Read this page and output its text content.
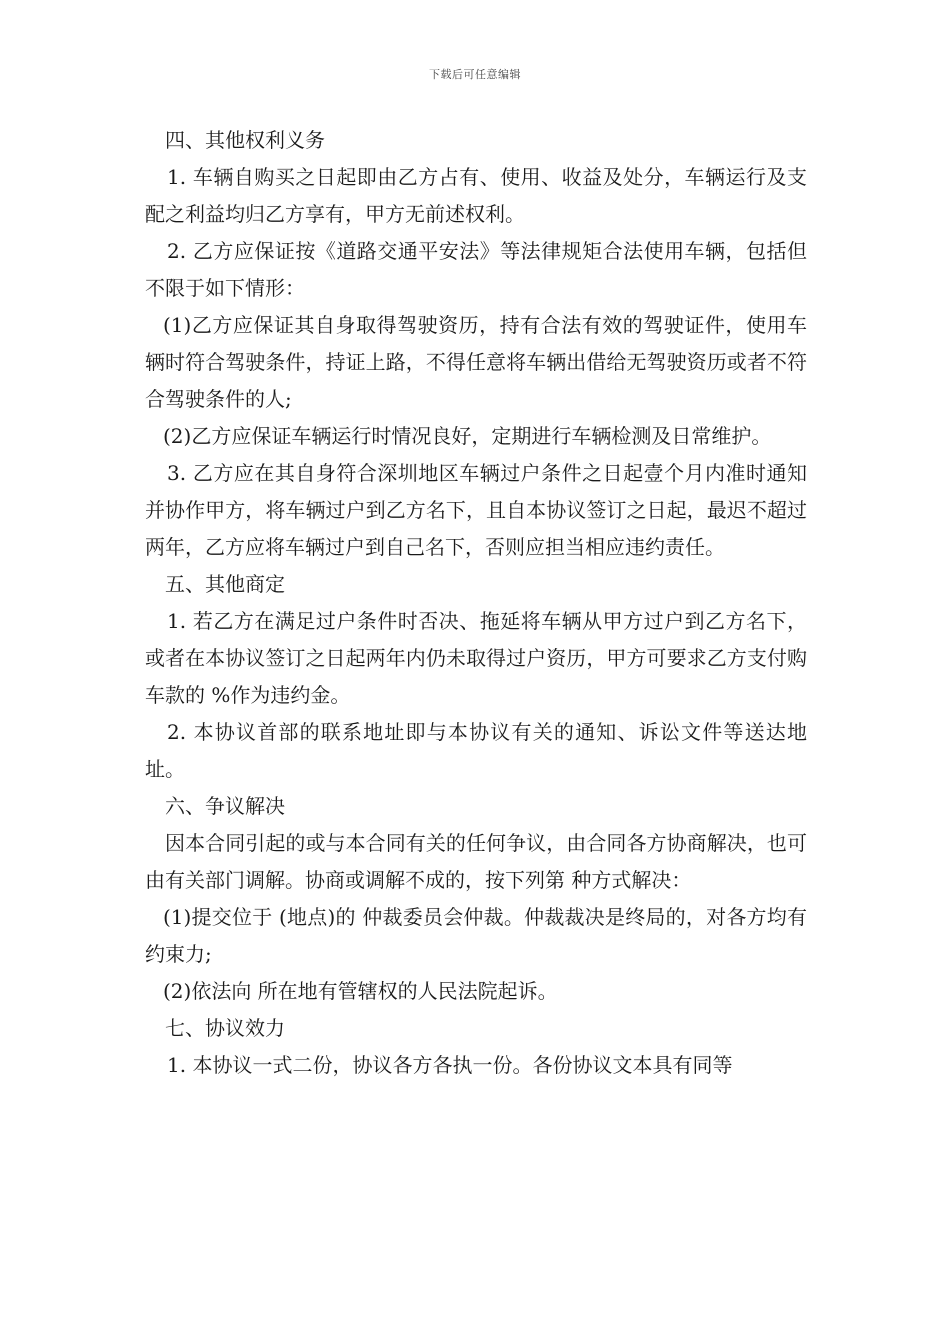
下载后可任意编辑

四、其他权利义务

1. 车辆自购买之日起即由乙方占有、使用、收益及处分，车辆运行及支配之利益均归乙方享有，甲方无前述权利。

2. 乙方应保证按《道路交通平安法》等法律规矩合法使用车辆，包括但不限于如下情形：

(1)乙方应保证其自身取得驾驶资历，持有合法有效的驾驶证件，使用车辆时符合驾驶条件，持证上路，不得任意将车辆出借给无驾驶资历或者不符合驾驶条件的人;

(2)乙方应保证车辆运行时情况良好，定期进行车辆检测及日常维护。

3. 乙方应在其自身符合深圳地区车辆过户条件之日起壹个月内准时通知并协作甲方，将车辆过户到乙方名下，且自本协议签订之日起，最迟不超过两年，乙方应将车辆过户到自己名下，否则应担当相应违约责任。

五、其他商定

1. 若乙方在满足过户条件时否决、拖延将车辆从甲方过户到乙方名下，或者在本协议签订之日起两年内仍未取得过户资历，甲方可要求乙方支付购车款的 %作为违约金。

2. 本协议首部的联系地址即与本协议有关的通知、诉讼文件等送达地址。

六、争议解决

因本合同引起的或与本合同有关的任何争议，由合同各方协商解决，也可由有关部门调解。协商或调解不成的，按下列第 种方式解决：

(1)提交位于 (地点)的 仲裁委员会仲裁。仲裁裁决是终局的，对各方均有约束力;

(2)依法向 所在地有管辖权的人民法院起诉。

七、协议效力

1. 本协议一式二份，协议各方各执一份。各份协议文本具有同等
